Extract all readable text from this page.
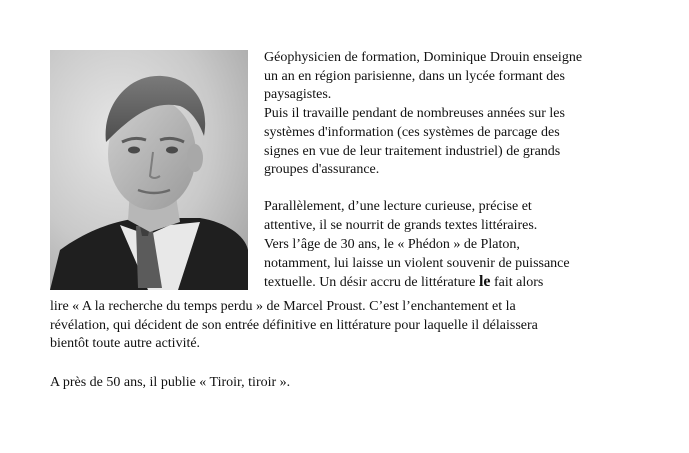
Géophysicien de formation, Dominique Drouin enseigne
un an en région parisienne, dans un lycée formant des
paysagistes.
Puis il travaille pendant de nombreuses années sur les
systèmes d'information (ces systèmes de parcage des
signes en vue de leur traitement industriel) de grands
groupes d'assurance.

Parallèlement, d’une lecture curieuse, précise et
attentive, il se nourrit de grands textes littéraires.
Vers l’âge de 30 ans, le « Phédon » de Platon,
notamment, lui laisse un violent souvenir de puissance
textuelle. Un désir accru de littérature le fait alors

lire « A la recherche du temps perdu » de Marcel Proust. C’est l’enchantement et la
révélation, qui décident de son entrée définitive en littérature pour laquelle il délaissera
bientôt toute autre activité.
A près de 50 ans, il publie « Tiroir, tiroir ».
